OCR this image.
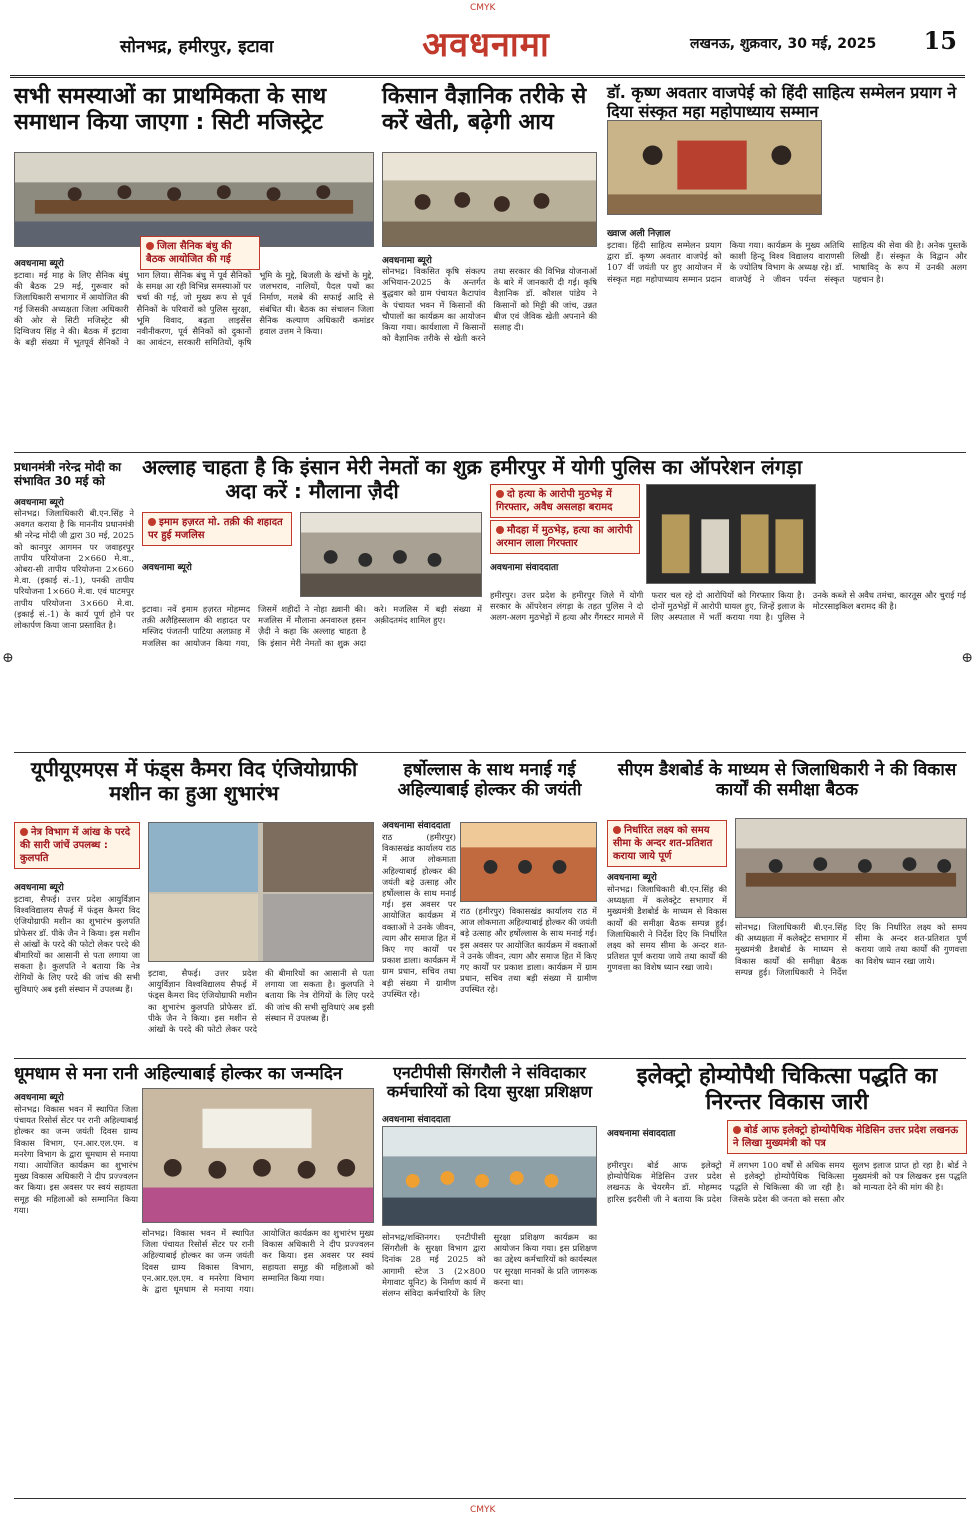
CMYK
CMYK
⊕	⊕
सोनभद्र, हमीरपुर, इटावा	अवधनामा	लखनऊ, शुक्रवार, 30 मई, 2025 15
सभी समस्याओं का प्राथमिकता के साथ समाधान किया जाएगा : सिटी मजिस्ट्रेट
किसान वैज्ञानिक तरीके से करें खेती, बढ़ेगी आय
डॉ. कृष्ण अवतार वाजपेई को हिंदी साहित्य सम्मेलन प्रयाग ने दिया संस्कृत महा महोपाध्याय सम्मान
अवधनामा ब्यूरो
जिला सैनिक बंधु की बैठक आयोजित की गई
इटावा। मई माह के लिए सैनिक बंधु की बैठक 29 मई, गुरूवार को जिलाधिकारी सभागार में आयोजित की गई जिसकी अध्यक्षता जिला अधिकारी की ओर से सिटी मजिस्ट्रेट श्री दिग्विजय सिंह ने की। बैठक में इटावा के बड़ी संख्या में भूतपूर्व सैनिकों ने भाग लिया। सैनिक बंधु में पूर्व सैनिकों के समक्ष आ रही विभिन्न समस्याओं पर चर्चा की गई, जो मुख्य रूप से पूर्व सैनिकों के परिवारों को पुलिस सुरक्षा, भूमि विवाद, बढ़ता लाइसेंस नवीनीकरण, पूर्व सैनिकों को दुकानों का आवंटन, सरकारी समितियों, कृषि भूमि के मुद्दे, बिजली के खंभों के मुद्दे, जलभराव, नालियों, पैदल पथों का निर्माण, मलबे की सफाई आदि से संबंधित थी। बैठक का संचालन जिला सैनिक कल्याण अधिकारी कमांडर हवाल उत्तम ने किया।
अवधनामा ब्यूरो
सोनभद्र। विकसित कृषि संकल्प अभियान-2025 के अन्तर्गत बुद्धवार को ग्राम पंचायत कैटापांव के पंचायत भवन में किसानों की चौपालों का कार्यक्रम का आयोजन किया गया। कार्यशाला में किसानों को वैज्ञानिक तरीके से खेती करने तथा सरकार की विभिन्न योजनाओं के बारे में जानकारी दी गई। कृषि वैज्ञानिक डॉ. कौशल पांडेय ने किसानों को मिट्टी की जांच, उन्नत बीज एवं जैविक खेती अपनाने की सलाह दी।
ख्वाज अली निज़ाल
इटावा। हिंदी साहित्य सम्मेलन प्रयाग द्वारा डॉ. कृष्ण अवतार वाजपेई को 107 वीं जयंती पर हुए आयोजन में संस्कृत महा महोपाध्याय सम्मान प्रदान किया गया। कार्यक्रम के मुख्य अतिथि काशी हिन्दू विश्व विद्यालय वाराणसी के ज्योतिष विभाग के अध्यक्ष रहे। डॉ. वाजपेई ने जीवन पर्यन्त संस्कृत साहित्य की सेवा की है। अनेक पुस्तकें लिखी हैं। संस्कृत के विद्वान और भाषाविद् के रूप में उनकी अलग पहचान है।
प्रधानमंत्री नरेन्द्र मोदी का संभावित 30 मई को
अवधनामा ब्यूरो
सोनभद्र। जिलाधिकारी बी.एन.सिंह ने अवगत कराया है कि माननीय प्रधानमंत्री श्री नरेन्द्र मोदी जी द्वारा 30 मई, 2025 को कानपुर आगमन पर जवाहरपुर तापीय परियोजना 2×660 मे.वा., ओबरा-सी तापीय परियोजना 2×660 मे.वा. (इकाई सं.-1), पनकी तापीय परियोजना 1×660 मे.वा. एवं घाटमपुर तापीय परियोजना 3×660 मे.वा. (इकाई सं.-1) के कार्य पूर्ण होने पर लोकार्पण किया जाना प्रस्तावित है।
अल्लाह चाहता है कि इंसान मेरी नेमतों का शुक्र अदा करें : मौलाना ज़ैदी
इमाम हज़रत मो. तक़ी की शहादत पर हुई मजलिस
अवधनामा ब्यूरो
इटावा। नवें इमाम हज़रत मोहम्मद तक़ी अलैहिस्सलाम की शहादत पर मस्जिद पंजतनी पाटिया अलफ़ाह में मजलिस का आयोजन किया गया, जिसमें शहीदों ने नोहा ख़्वानी की। मजलिस में मौलाना अनवारुल हसन ज़ैदी ने कहा कि अल्लाह चाहता है कि इंसान मेरी नेमतों का शुक्र अदा करे। मजलिस में बड़ी संख्या में अक़ीदतमंद शामिल हुए।
हमीरपुर में योगी पुलिस का ऑपरेशन लंगड़ा
दो हत्या के आरोपी मुठभेड़ में गिरफ्तार, अवैध असलहा बरामद
मौदहा में मुठभेड़, हत्या का आरोपी अरमान लाला गिरफ्तार
अवधनामा संवाददाता
हमीरपुर। उत्तर प्रदेश के हमीरपुर जिले में योगी सरकार के ऑपरेशन लंगड़ा के तहत पुलिस ने दो अलग-अलग मुठभेड़ों में हत्या और गैंगस्टर मामले में फरार चल रहे दो आरोपियों को गिरफ्तार किया है। दोनों मुठभेड़ों में आरोपी घायल हुए, जिन्हें इलाज के लिए अस्पताल में भर्ती कराया गया है। पुलिस ने उनके कब्जे से अवैध तमंचा, कारतूस और चुराई गई मोटरसाइकिल बरामद की है।
यूपीयूएमएस में फंड्स कैमरा विद एंजियोग्राफी मशीन का हुआ शुभारंभ
नेत्र विभाग में आंख के परदे की सारी जांचें उपलब्ध : कुलपति
अवधनामा ब्यूरो
इटावा, सैफई। उत्तर प्रदेश आयुर्विज्ञान विश्वविद्यालय सैफई में फंड्स कैमरा विद एंजियोग्राफी मशीन का शुभारंभ कुलपति प्रोफेसर डॉ. पीके जैन ने किया। इस मशीन से आंखों के परदे की फोटो लेकर परदे की बीमारियों का आसानी से पता लगाया जा सकता है। कुलपति ने बताया कि नेत्र रोगियों के लिए परदे की जांच की सभी सुविधाएं अब इसी संस्थान में उपलब्ध हैं।
इटावा, सैफई। उत्तर प्रदेश आयुर्विज्ञान विश्वविद्यालय सैफई में फंड्स कैमरा विद एंजियोग्राफी मशीन का शुभारंभ कुलपति प्रोफेसर डॉ. पीके जैन ने किया। इस मशीन से आंखों के परदे की फोटो लेकर परदे की बीमारियों का आसानी से पता लगाया जा सकता है। कुलपति ने बताया कि नेत्र रोगियों के लिए परदे की जांच की सभी सुविधाएं अब इसी संस्थान में उपलब्ध हैं।
हर्षोल्लास के साथ मनाई गई अहिल्याबाई होल्कर की जयंती
अवधनामा संवाददाता
राठ (हमीरपुर) विकासखंड कार्यालय राठ में आज लोकमाता अहिल्याबाई होल्कर की जयंती बड़े उत्साह और हर्षोल्लास के साथ मनाई गई। इस अवसर पर आयोजित कार्यक्रम में वक्ताओं ने उनके जीवन, त्याग और समाज हित में किए गए कार्यों पर प्रकाश डाला। कार्यक्रम में ग्राम प्रधान, सचिव तथा बड़ी संख्या में ग्रामीण उपस्थित रहे।
राठ (हमीरपुर) विकासखंड कार्यालय राठ में आज लोकमाता अहिल्याबाई होल्कर की जयंती बड़े उत्साह और हर्षोल्लास के साथ मनाई गई। इस अवसर पर आयोजित कार्यक्रम में वक्ताओं ने उनके जीवन, त्याग और समाज हित में किए गए कार्यों पर प्रकाश डाला। कार्यक्रम में ग्राम प्रधान, सचिव तथा बड़ी संख्या में ग्रामीण उपस्थित रहे।
सीएम डैशबोर्ड के माध्यम से जिलाधिकारी ने की विकास कार्यों की समीक्षा बैठक
निर्धारित लक्ष्य को समय सीमा के अन्दर शत-प्रतिशत कराया जाये पूर्ण
अवधनामा ब्यूरो
सोनभद्र। जिलाधिकारी बी.एन.सिंह की अध्यक्षता में कलेक्ट्रेट सभागार में मुख्यमंत्री डैशबोर्ड के माध्यम से विकास कार्यों की समीक्षा बैठक सम्पन्न हुई। जिलाधिकारी ने निर्देश दिए कि निर्धारित लक्ष्य को समय सीमा के अन्दर शत-प्रतिशत पूर्ण कराया जाये तथा कार्यों की गुणवत्ता का विशेष ध्यान रखा जाये।
सोनभद्र। जिलाधिकारी बी.एन.सिंह की अध्यक्षता में कलेक्ट्रेट सभागार में मुख्यमंत्री डैशबोर्ड के माध्यम से विकास कार्यों की समीक्षा बैठक सम्पन्न हुई। जिलाधिकारी ने निर्देश दिए कि निर्धारित लक्ष्य को समय सीमा के अन्दर शत-प्रतिशत पूर्ण कराया जाये तथा कार्यों की गुणवत्ता का विशेष ध्यान रखा जाये।
धूमधाम से मना रानी अहिल्याबाई होल्कर का जन्मदिन
अवधनामा ब्यूरो
सोनभद्र। विकास भवन में स्थापित जिला पंचायत रिसोर्स सेंटर पर रानी अहिल्याबाई होल्कर का जन्म जयंती दिवस ग्राम्य विकास विभाग, एन.आर.एल.एम. व मनरेगा विभाग के द्वारा धूमधाम से मनाया गया। आयोजित कार्यक्रम का शुभारंभ मुख्य विकास अधिकारी ने दीप प्रज्ज्वलन कर किया। इस अवसर पर स्वयं सहायता समूह की महिलाओं को सम्मानित किया गया।
सोनभद्र। विकास भवन में स्थापित जिला पंचायत रिसोर्स सेंटर पर रानी अहिल्याबाई होल्कर का जन्म जयंती दिवस ग्राम्य विकास विभाग, एन.आर.एल.एम. व मनरेगा विभाग के द्वारा धूमधाम से मनाया गया। आयोजित कार्यक्रम का शुभारंभ मुख्य विकास अधिकारी ने दीप प्रज्ज्वलन कर किया। इस अवसर पर स्वयं सहायता समूह की महिलाओं को सम्मानित किया गया।
एनटीपीसी सिंगरौली ने संविदाकार कर्मचारियों को दिया सुरक्षा प्रशिक्षण
अवधनामा संवाददाता
सोनभद्र/शक्तिनगर। एनटीपीसी सिंगरौली के सुरक्षा विभाग द्वारा दिनांक 28 मई 2025 को आगामी स्टेज 3 (2×800 मेगावाट यूनिट) के निर्माण कार्य में संलग्न संविदा कर्मचारियों के लिए सुरक्षा प्रशिक्षण कार्यक्रम का आयोजन किया गया। इस प्रशिक्षण का उद्देश्य कर्मचारियों को कार्यस्थल पर सुरक्षा मानकों के प्रति जागरूक करना था।
इलेक्ट्रो होम्योपैथी चिकित्सा पद्धति का निरन्तर विकास जारी
अवधनामा संवाददाता	बोर्ड आफ इलेक्ट्रो होम्योपैथिक मेडिसिन उत्तर प्रदेश लखनऊ ने लिखा मुख्यमंत्री को पत्र
हमीरपुर। बोर्ड आफ इलेक्ट्रो होम्योपैथिक मेडिसिन उत्तर प्रदेश लखनऊ के चेयरमैन डॉ. मोहम्मद हारिस इदरीसी जी ने बताया कि प्रदेश में लगभग 100 वर्षों से अधिक समय से इलेक्ट्रो होम्योपैथिक चिकित्सा पद्धति से चिकित्सा की जा रही है। जिसके प्रदेश की जनता को सस्ता और सुलभ इलाज प्राप्त हो रहा है। बोर्ड ने मुख्यमंत्री को पत्र लिखकर इस पद्धति को मान्यता देने की मांग की है।
